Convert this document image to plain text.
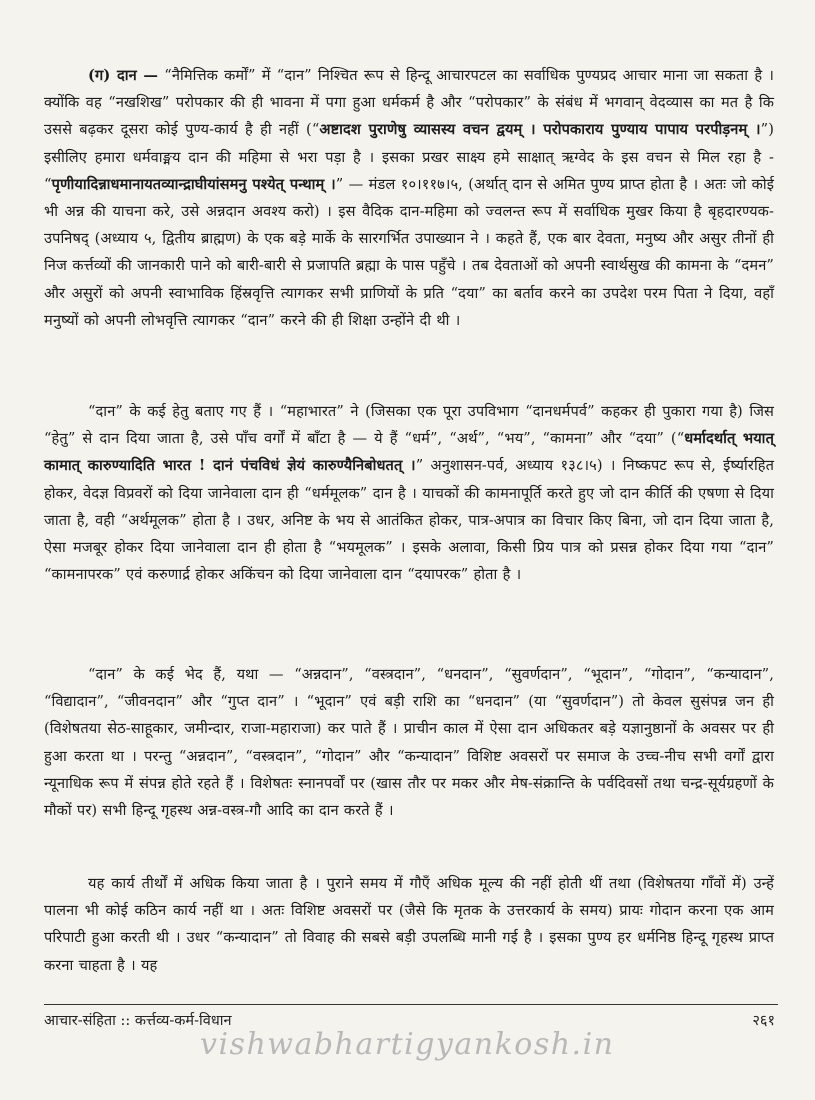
(ग) दान — “नैमित्तिक कर्मों” में “दान” निश्चित रूप से हिन्दू आचारपटल का सर्वाधिक पुण्यप्रद आचार माना जा सकता है । क्योंकि वह “नखशिख” परोपकार की ही भावना में पगा हुआ धर्मकर्म है और “परोपकार” के संबंध में भगवान् वेदव्यास का मत है कि उससे बढ़कर दूसरा कोई पुण्य-कार्य है ही नहीं (“अष्टादश पुराणेषु व्यासस्य वचन द्वयम् । परोपकाराय पुण्याय पापाय परपीड़नम् ।”) इसीलिए हमारा धर्मवाङ्मय दान की महिमा से भरा पड़ा है । इसका प्रखर साक्ष्य हमे साक्षात् ऋग्वेद के इस वचन से मिल रहा है - “पृणीयादिन्नाधमानायतव्यान्द्राघीयांसमनु पश्येत् पन्थाम् ।” — मंडल १०।११७।५, (अर्थात् दान से अमित पुण्य प्राप्त होता है । अतः जो कोई भी अन्न की याचना करे, उसे अन्नदान अवश्य करो) । इस वैदिक दान-महिमा को ज्वलन्त रूप में सर्वाधिक मुखर किया है बृहदारण्यक-उपनिषद् (अध्याय ५, द्वितीय ब्राह्मण) के एक बड़े मार्के के सारगर्भित उपाख्यान ने । कहते हैं, एक बार देवता, मनुष्य और असुर तीनों ही निज कर्त्तव्यों की जानकारी पाने को बारी-बारी से प्रजापति ब्रह्मा के पास पहुँचे । तब देवताओं को अपनी स्वार्थसुख की कामना के “दमन” और असुरों को अपनी स्वाभाविक हिंस्रवृत्ति त्यागकर सभी प्राणियों के प्रति “दया” का बर्ताव करने का उपदेश परम पिता ने दिया, वहाँ मनुष्यों को अपनी लोभवृत्ति त्यागकर “दान” करने की ही शिक्षा उन्होंने दी थी ।

“दान” के कई हेतु बताए गए हैं । “महाभारत” ने (जिसका एक पूरा उपविभाग “दानधर्मपर्व” कहकर ही पुकारा गया है) जिस “हेतु” से दान दिया जाता है, उसे पाँच वर्गों में बाँटा है — ये हैं “धर्म”, “अर्थ”, “भय”, “कामना” और “दया” (“धर्मादर्थात् भयात् कामात् कारुण्यादिति भारत ! दानं पंचविधं ज्ञेयं कारुण्यैनिबोधतत् ।” अनुशासन-पर्व, अध्याय १३८।५) । निष्कपट रूप से, ईर्ष्यारहित होकर, वेदज्ञ विप्रवरों को दिया जानेवाला दान ही “धर्ममूलक” दान है । याचकों की कामनापूर्ति करते हुए जो दान कीर्ति की एषणा से दिया जाता है, वही “अर्थमूलक” होता है । उधर, अनिष्ट के भय से आतंकित होकर, पात्र-अपात्र का विचार किए बिना, जो दान दिया जाता है, ऐसा मजबूर होकर दिया जानेवाला दान ही होता है “भयमूलक” । इसके अलावा, किसी प्रिय पात्र को प्रसन्न होकर दिया गया “दान” “कामनापरक” एवं करुणार्द्र होकर अकिंचन को दिया जानेवाला दान “दयापरक” होता है ।

“दान” के कई भेद हैं, यथा — “अन्नदान”, “वस्त्रदान”, “धनदान”, “सुवर्णदान”, “भूदान”, “गोदान”, “कन्यादान”, “विद्यादान”, “जीवनदान” और “गुप्त दान” । “भूदान” एवं बड़ी राशि का “धनदान” (या “सुवर्णदान”) तो केवल सुसंपन्न जन ही (विशेषतया सेठ-साहूकार, जमीन्दार, राजा-महाराजा) कर पाते हैं । प्राचीन काल में ऐसा दान अधिकतर बड़े यज्ञानुष्ठानों के अवसर पर ही हुआ करता था । परन्तु “अन्नदान”, “वस्त्रदान”, “गोदान” और “कन्यादान” विशिष्ट अवसरों पर समाज के उच्च-नीच सभी वर्गों द्वारा न्यूनाधिक रूप में संपन्न होते रहते हैं । विशेषतः स्नानपर्वों पर (खास तौर पर मकर और मेष-संक्रान्ति के पर्वदिवसों तथा चन्द्र-सूर्यग्रहणों के मौकों पर) सभी हिन्दू गृहस्थ अन्न-वस्त्र-गौ आदि का दान करते हैं ।

यह कार्य तीर्थों में अधिक किया जाता है । पुराने समय में गौएँ अधिक मूल्य की नहीं होती थीं तथा (विशेषतया गाँवों में) उन्हें पालना भी कोई कठिन कार्य नहीं था । अतः विशिष्ट अवसरों पर (जैसे कि मृतक के उत्तरकार्य के समय) प्रायः गोदान करना एक आम परिपाटी हुआ करती थी । उधर “कन्यादान” तो विवाह की सबसे बड़ी उपलब्धि मानी गई है । इसका पुण्य हर धर्मनिष्ठ हिन्दू गृहस्थ प्राप्त करना चाहता है । यह

आचार-संहिता :: कर्त्तव्य-कर्म-विधान	२६१
vishwabhartigyankosh.in
